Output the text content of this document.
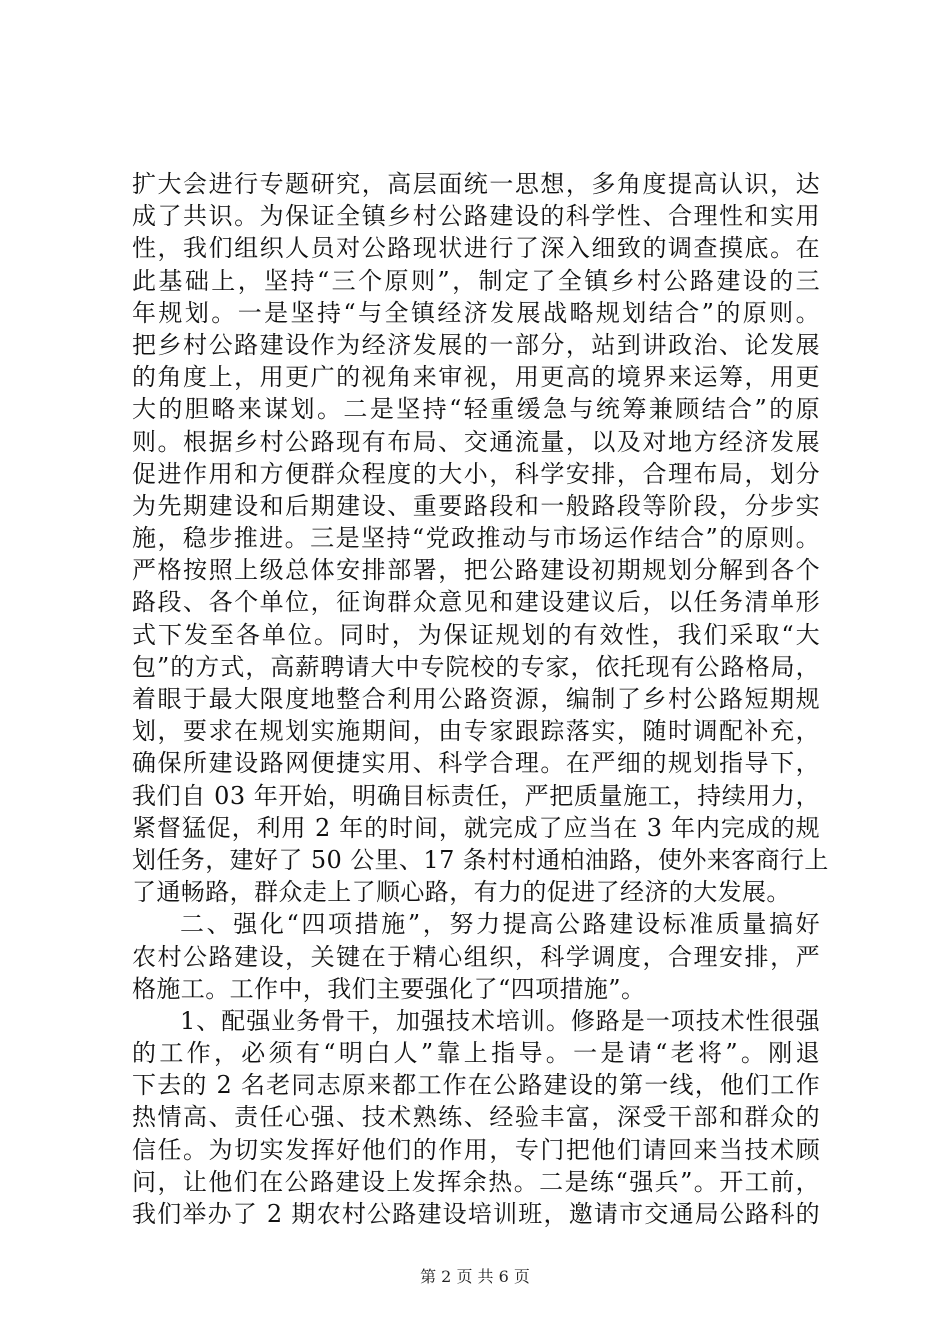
扩大会进行专题研究，高层面统一思想，多角度提高认识，达
成了共识。为保证全镇乡村公路建设的科学性、合理性和实用
性，我们组织人员对公路现状进行了深入细致的调查摸底。在
此基础上，坚持“三个原则”，制定了全镇乡村公路建设的三
年规划。一是坚持“与全镇经济发展战略规划结合”的原则。
把乡村公路建设作为经济发展的一部分，站到讲政治、论发展
的角度上，用更广的视角来审视，用更高的境界来运筹，用更
大的胆略来谋划。二是坚持“轻重缓急与统筹兼顾结合”的原
则。根据乡村公路现有布局、交通流量，以及对地方经济发展
促进作用和方便群众程度的大小，科学安排，合理布局，划分
为先期建设和后期建设、重要路段和一般路段等阶段，分步实
施，稳步推进。三是坚持“党政推动与市场运作结合”的原则。
严格按照上级总体安排部署，把公路建设初期规划分解到各个
路段、各个单位，征询群众意见和建设建议后，以任务清单形
式下发至各单位。同时，为保证规划的有效性，我们采取“大
包”的方式，高薪聘请大中专院校的专家，依托现有公路格局，
着眼于最大限度地整合利用公路资源，编制了乡村公路短期规
划，要求在规划实施期间，由专家跟踪落实，随时调配补充，
确保所建设路网便捷实用、科学合理。在严细的规划指导下，
我们自 03 年开始，明确目标责任，严把质量施工，持续用力，
紧督猛促，利用 2 年的时间，就完成了应当在 3 年内完成的规
划任务，建好了 50 公里、17 条村村通柏油路，使外来客商行上
了通畅路，群众走上了顺心路，有力的促进了经济的大发展。
二、强化“四项措施”，努力提高公路建设标准质量搞好
农村公路建设，关键在于精心组织，科学调度，合理安排，严
格施工。工作中，我们主要强化了“四项措施”。
1、配强业务骨干，加强技术培训。修路是一项技术性很强
的工作，必须有“明白人”靠上指导。一是请“老将”。刚退
下去的 2 名老同志原来都工作在公路建设的第一线，他们工作
热情高、责任心强、技术熟练、经验丰富，深受干部和群众的
信任。为切实发挥好他们的作用，专门把他们请回来当技术顾
问，让他们在公路建设上发挥余热。二是练“强兵”。开工前，
我们举办了 2 期农村公路建设培训班，邀请市交通局公路科的
第 2 页 共 6 页
